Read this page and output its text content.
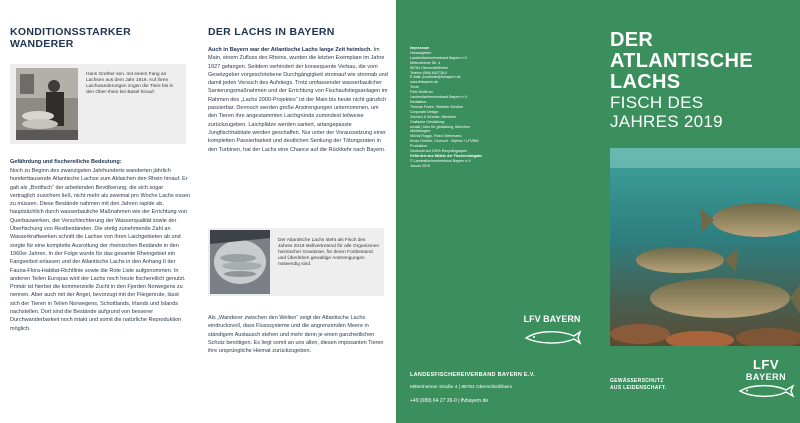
KONDITIONSSTARKER
WANDERER

Hans Grether sen. mit einem Fang an Lachsen aus dem Jahr 1916. Auf ihren Laichwanderungen zogen die Tiere bis in den Ober-rhein bei Basel hinauf.

Gefährdung und fischereiliche Bedeutung:

Noch zu Beginn des zwanzigsten Jahrhunderts wanderten jährlich hunderttausende Atlantische Lachse zum Ablaichen den Rhein hinauf. Er galt als „Brotfisch“ der arbeitenden Bevölkerung, die sich sogar vertraglich zusichern ließ, nicht mehr als zweimal pro Woche Lachs essen zu müssen. Diese Bestände nahmen mit den Jahren rapide ab, hauptsächlich durch wasserbauliche Maßnahmen wie der Errichtung von Querbauwerken, der Verschlechterung der Wasserqualität sowie der Überfischung von Restbeständen. Die stetig zunehmende Zahl an Wasserkraftwerken schnitt die Lachse von ihren Laichgebieten ab und sorgte für eine komplette Ausrottung der rheinischen Bestände in den 1960er Jahren. In der Folge wurde für das gesamte Rheingebiet ein Fangverbot erlassen und der Atlantische Lachs in den Anhang II der Fauna-Flora-Habitat-Richtlinie sowie die Rote Liste aufgenommen. In anderen Teilen Europas wird der Lachs noch heute fischereilich genutzt. Primär ist hierbei die kommerzielle Zucht in den Fjorden Norwegens zu nennen. Aber auch mit der Angel, bevorzugt mit der Fliegenrute, lässt sich der Tieren in Teilen Norwegens, Schottlands, Irlands und Islands nachstellen. Dort sind die Bestände aufgrund von besserer Durchwanderbarkeit noch intakt und somit die natürliche Reproduktion möglich.

DER LACHS IN BAYERN

Auch in Bayern war der Atlantische Lachs lange Zeit heimisch. Im Main, einem Zufluss des Rheins, wurden die letzten Exemplare im Jahre 1927 gefangen. Seitdem verhindert der konsequente Verbau, die vom Gesetzgeber vorgeschriebene Durchgängigkeit stromauf wie stromab und damit jeden Versuch des Aufstiegs. Trotz umfassender wasserbaulicher Sanierungsmaßnahmen und der Errichtung von Fischaufstiegsanlagen im Rahmen des „Lachs 2000-Projektes“ ist der Main bis heute nicht gänzlich passierbar. Dennoch werden große Anstrengungen unternommen, um den Tieren ihre angestammten Laichgründe zumindest teilweise zurückzugeben. Laichplätze werden saniert, artangepasste Jungfischhabitate werden geschaffen. Nur unter der Voraussetzung einer kompletten Passierbarkeit und deutlichen Senkung der Tötungsraten in den Turbinen, hat der Lachs eine Chance auf die Rückkehr nach Bayern.

Der Atlantische Lachs steht als Fisch des Jahres 2019 stellvertretend für alle Organismen heimischer Gewässer, für deren Fortbestand und Überleben gewaltige Anstrengungen notwendig sind.

Als „Wanderer zwischen den Welten“ zeigt der Atlantische Lachs eindrucksvoll, dass Flusssysteme und die angrenzenden Meere in ständigem Austausch stehen und mehr denn je einen ganzheitlichen Schutz benötigen. Es liegt somit an uns allen, diesen imposanten Tieren ihre ursprüngliche Heimat zurückzugeben.

Impressum
Herausgeber:
Landesfischereiverband Bayern e.V.
Mittenheimer Str. 4
85764 Oberschleißheim
Telefon (089) 642726-0
E-Mail: poststelle@lfvbayern.de
www.lfvbayern.de
Texte:
Felix Wollfrum
Landesfischereiverband Bayern e.V.
Redaktion:
Thomas Funke, Stefanie Schütze
Corporate Design:
Zeichen & Wunder, München
Grafische Gestaltung:
schalk | büro für gestaltung, München
Abbildungen:
Michal Roggo, Franz Steinmann,
Emse Grether, Gronoch - Wyhlen / LFVBW
Produktion:
Gedruckt auf 100% Recyclingpapier
Gefördert aus Mitteln der Fischereiabgabe
© Landesfischereiverband Bayern e.V.
Januar 2019
LFV BAYERN
LANDESFISCHEREIVERBAND BAYERN E.V.
Mittenheimer Straße 4 | 85764 Oberschleißheim
+49 (089) 64 27 26-0 | lfvbayern.de
DER
ATLANTISCHE
LACHS
FISCH DES
JAHRES 2019
GEWÄSSERSCHUTZ
AUS LEIDENSCHAFT.
LFV
BAYERN
